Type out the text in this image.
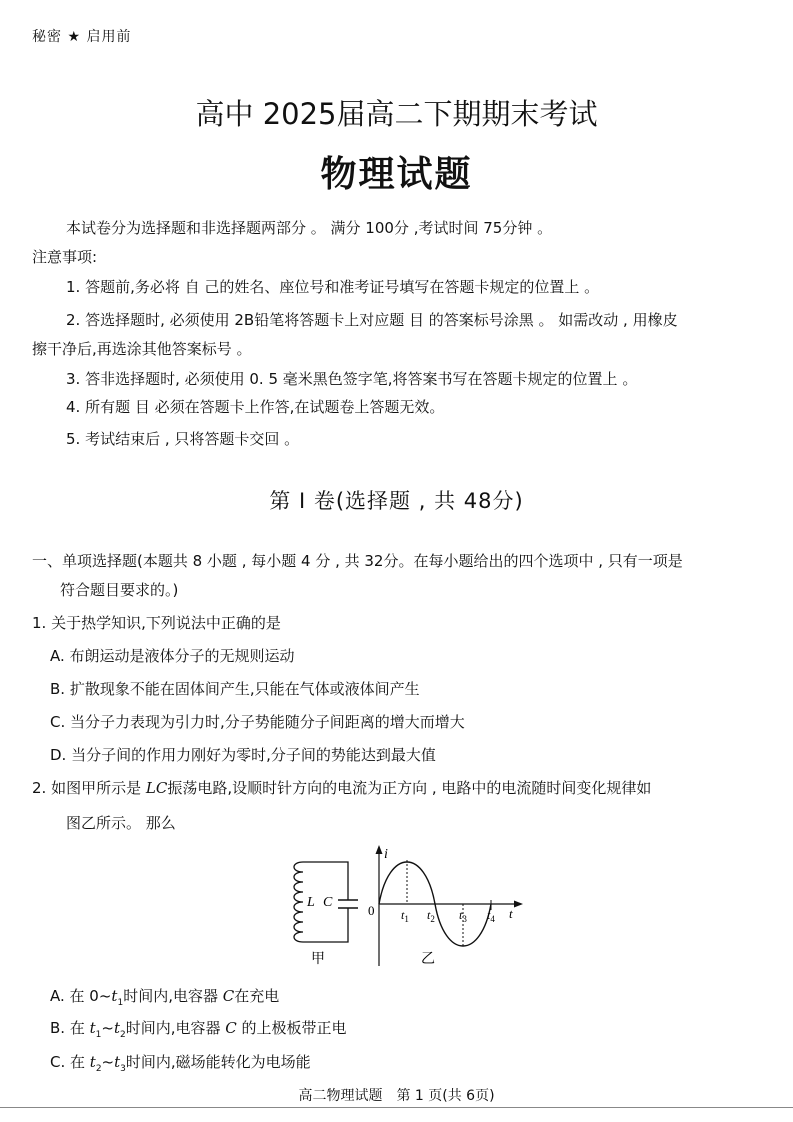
秘密 ★ 启用前
高中 2025届高二下期期末考试
物理试题
本试卷分为选择题和非选择题两部分 。 满分 100分 ,考试时间 75分钟 。
注意事项:
1. 答题前,务必将 自 己的姓名、座位号和准考证号填写在答题卡规定的位置上 。
2. 答选择题时, 必须使用 2B铅笔将答题卡上对应题 目 的答案标号涂黑 。 如需改动 , 用橡皮
擦干净后,再选涂其他答案标号 。
3. 答非选择题时, 必须使用 0. 5 毫米黑色签字笔,将答案书写在答题卡规定的位置上 。
4. 所有题 目 必须在答题卡上作答,在试题卷上答题无效。
5. 考试结束后 , 只将答题卡交回 。
第 Ⅰ 卷(选择题 , 共 48分)
一、单项选择题(本题共 8 小题 , 每小题 4 分 , 共 32分。在每小题给出的四个选项中 , 只有一项是
符合题目要求的。)
1. 关于热学知识,下列说法中正确的是
A. 布朗运动是液体分子的无规则运动
B. 扩散现象不能在固体间产生,只能在气体或液体间产生
C. 当分子力表现为引力时,分子势能随分子间距离的增大而增大
D. 当分子间的作用力刚好为零时,分子间的势能达到最大值
2. 如图甲所示是 LC振荡电路,设顺时针方向的电流为正方向 , 电路中的电流随时间变化规律如
图乙所示。 那么
L C
甲
i
t
0 $t_1$ $t_2$ $t_3$ $t_4$
乙
A. 在 $0\sim t_1$时间内,电容器 C在充电
B. 在 $t_1\sim t_2$时间内,电容器 C 的上极板带正电
C. 在 $t_2\sim t_3$时间内,磁场能转化为电场能
高二物理试题　第 1 页(共 6页)
